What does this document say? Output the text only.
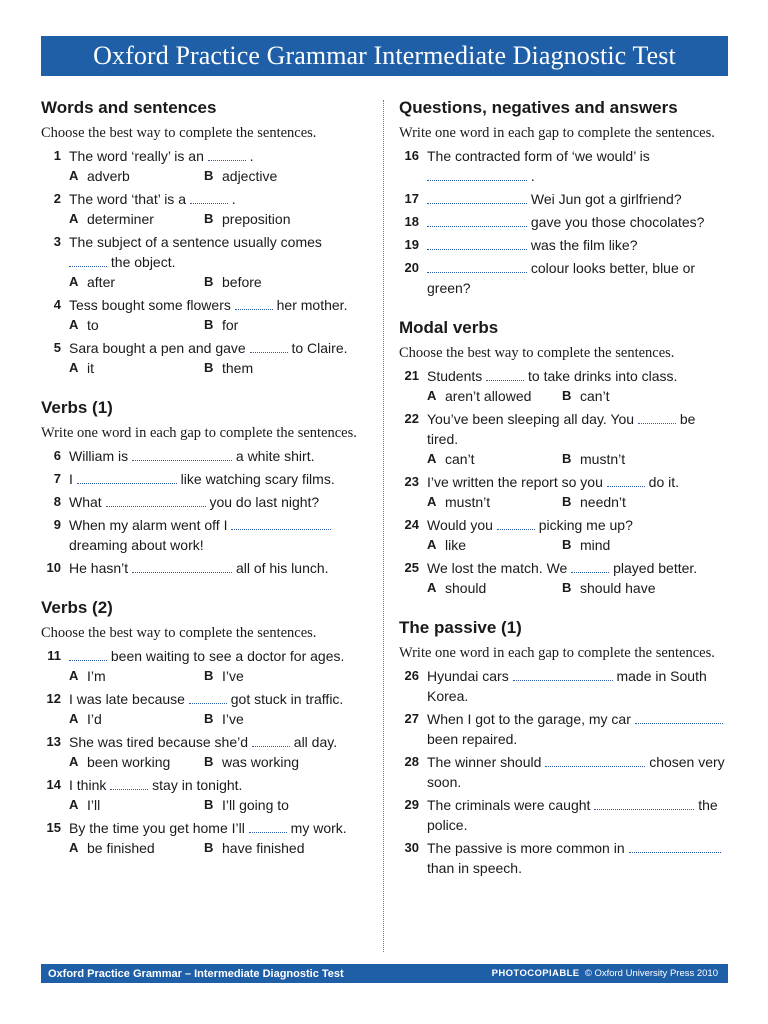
Oxford Practice Grammar Intermediate Diagnostic Test
Words and sentences
Choose the best way to complete the sentences.
1 The word ‘really’ is an	.
A adverb	B adjective
2 The word ‘that’ is a	.
A determiner	B preposition
3 The subject of a sentence usually comes
the object.
A after	B before
4 Tess bought some flowers	her mother.
A to	B for
5 Sara bought a pen and gave	to Claire.
A it	B them
Verbs (1)
Write one word in each gap to complete the sentences.
6 William is	a white shirt.
7 I	like watching scary films.
8 What	you do last night?
9 When my alarm went off I
dreaming about work!
10 He hasn’t	all of his lunch.
Verbs (2)
Choose the best way to complete the sentences.
11	been waiting to see a doctor for ages.
A I’m	B I’ve
12 I was late because	got stuck in traffic.
A I’d	B I’ve
13 She was tired because she’d	all day.
A been working	B was working
14 I think	stay in tonight.
A I’ll	B I’ll going to
15 By the time you get home I’ll	my work.
A be finished	B have finished
Questions, negatives and answers
Write one word in each gap to complete the sentences.
16 The contracted form of ‘we would’ is
.
17	Wei Jun got a girlfriend?
18	gave you those chocolates?
19	was the film like?
20	colour looks better, blue or green?
Modal verbs
Choose the best way to complete the sentences.
21 Students	to take drinks into class.
A aren’t allowed B can’t
22 You’ve been sleeping all day. You	be tired.
A can’t	B mustn’t
23 I’ve written the report so you	do it.
A mustn’t	B needn’t
24 Would you	picking me up?
A like	B mind
25 We lost the match. We	played better.
A should	B should have
The passive (1)
Write one word in each gap to complete the sentences.
26 Hyundai cars	made in South Korea.
27 When I got to the garage, my car
been repaired.
28 The winner should	chosen very soon.
29 The criminals were caught	the police.
30 The passive is more common in  than in speech.
Oxford Practice Grammar – Intermediate Diagnostic Test	PHOTOCOPIABLE © Oxford University Press 2010
